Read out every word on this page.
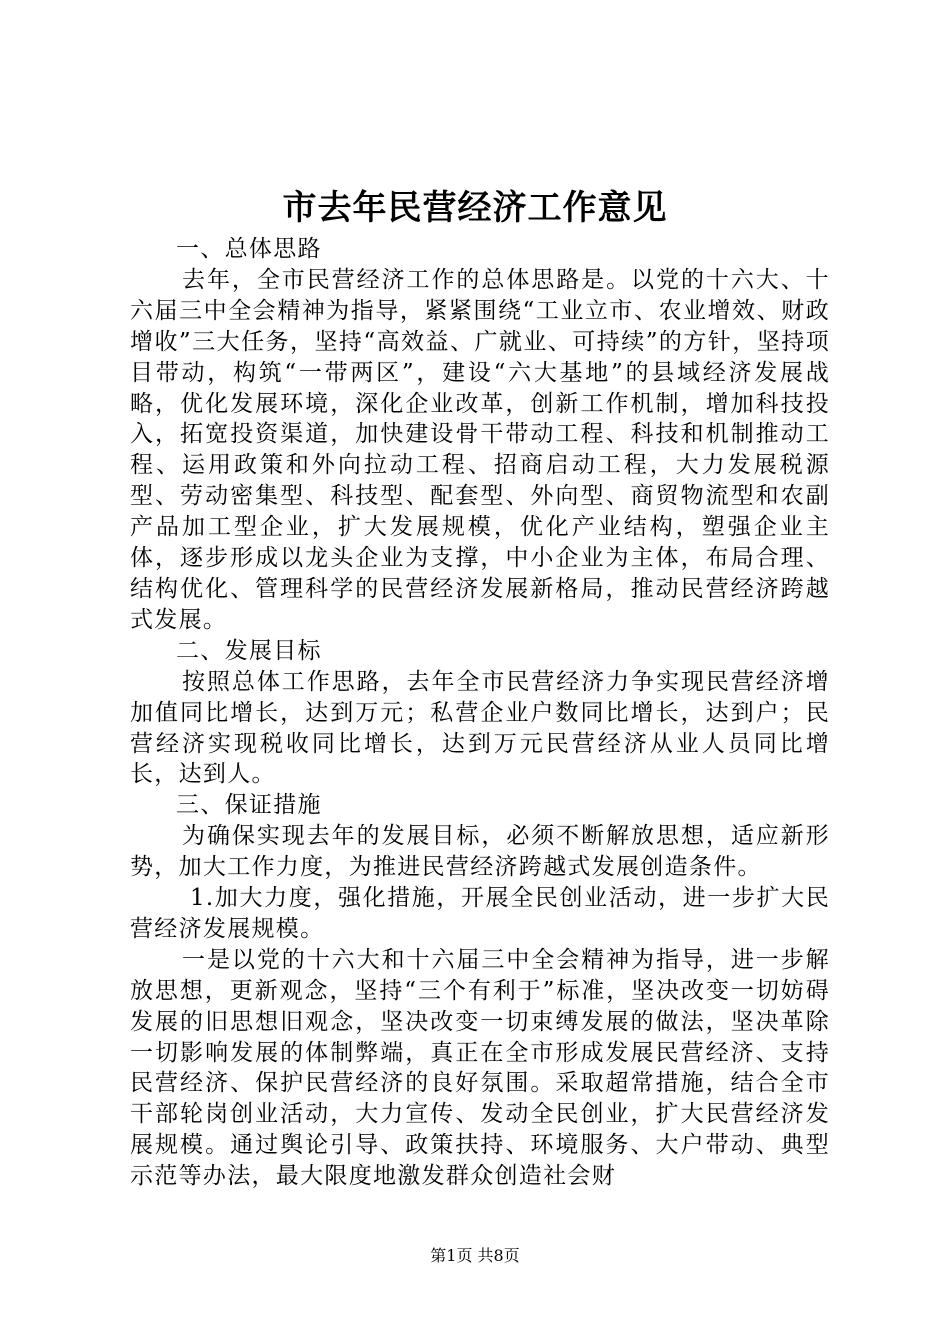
市去年民营经济工作意见

一、总体思路

去年，全市民营经济工作的总体思路是。以党的十六大、十六届三中全会精神为指导，紧紧围绕“工业立市、农业增效、财政增收”三大任务，坚持“高效益、广就业、可持续”的方针，坚持项目带动，构筑“一带两区”，建设“六大基地”的县域经济发展战略，优化发展环境，深化企业改革，创新工作机制，增加科技投入，拓宽投资渠道，加快建设骨干带动工程、科技和机制推动工程、运用政策和外向拉动工程、招商启动工程，大力发展税源型、劳动密集型、科技型、配套型、外向型、商贸物流型和农副产品加工型企业，扩大发展规模，优化产业结构，塑强企业主体，逐步形成以龙头企业为支撑，中小企业为主体，布局合理、结构优化、管理科学的民营经济发展新格局，推动民营经济跨越式发展。

二、发展目标

按照总体工作思路，去年全市民营经济力争实现民营经济增加值同比增长，达到万元；私营企业户数同比增长，达到户；民营经济实现税收同比增长，达到万元民营经济从业人员同比增长，达到人。

三、保证措施

为确保实现去年的发展目标，必须不断解放思想，适应新形势，加大工作力度，为推进民营经济跨越式发展创造条件。

1.加大力度，强化措施，开展全民创业活动，进一步扩大民营经济发展规模。

一是以党的十六大和十六届三中全会精神为指导，进一步解放思想，更新观念，坚持“三个有利于”标准，坚决改变一切妨碍发展的旧思想旧观念，坚决改变一切束缚发展的做法，坚决革除一切影响发展的体制弊端，真正在全市形成发展民营经济、支持民营经济、保护民营经济的良好氛围。采取超常措施，结合全市干部轮岗创业活动，大力宣传、发动全民创业，扩大民营经济发展规模。通过舆论引导、政策扶持、环境服务、大户带动、典型示范等办法，最大限度地激发群众创造社会财

第1页 共8页
